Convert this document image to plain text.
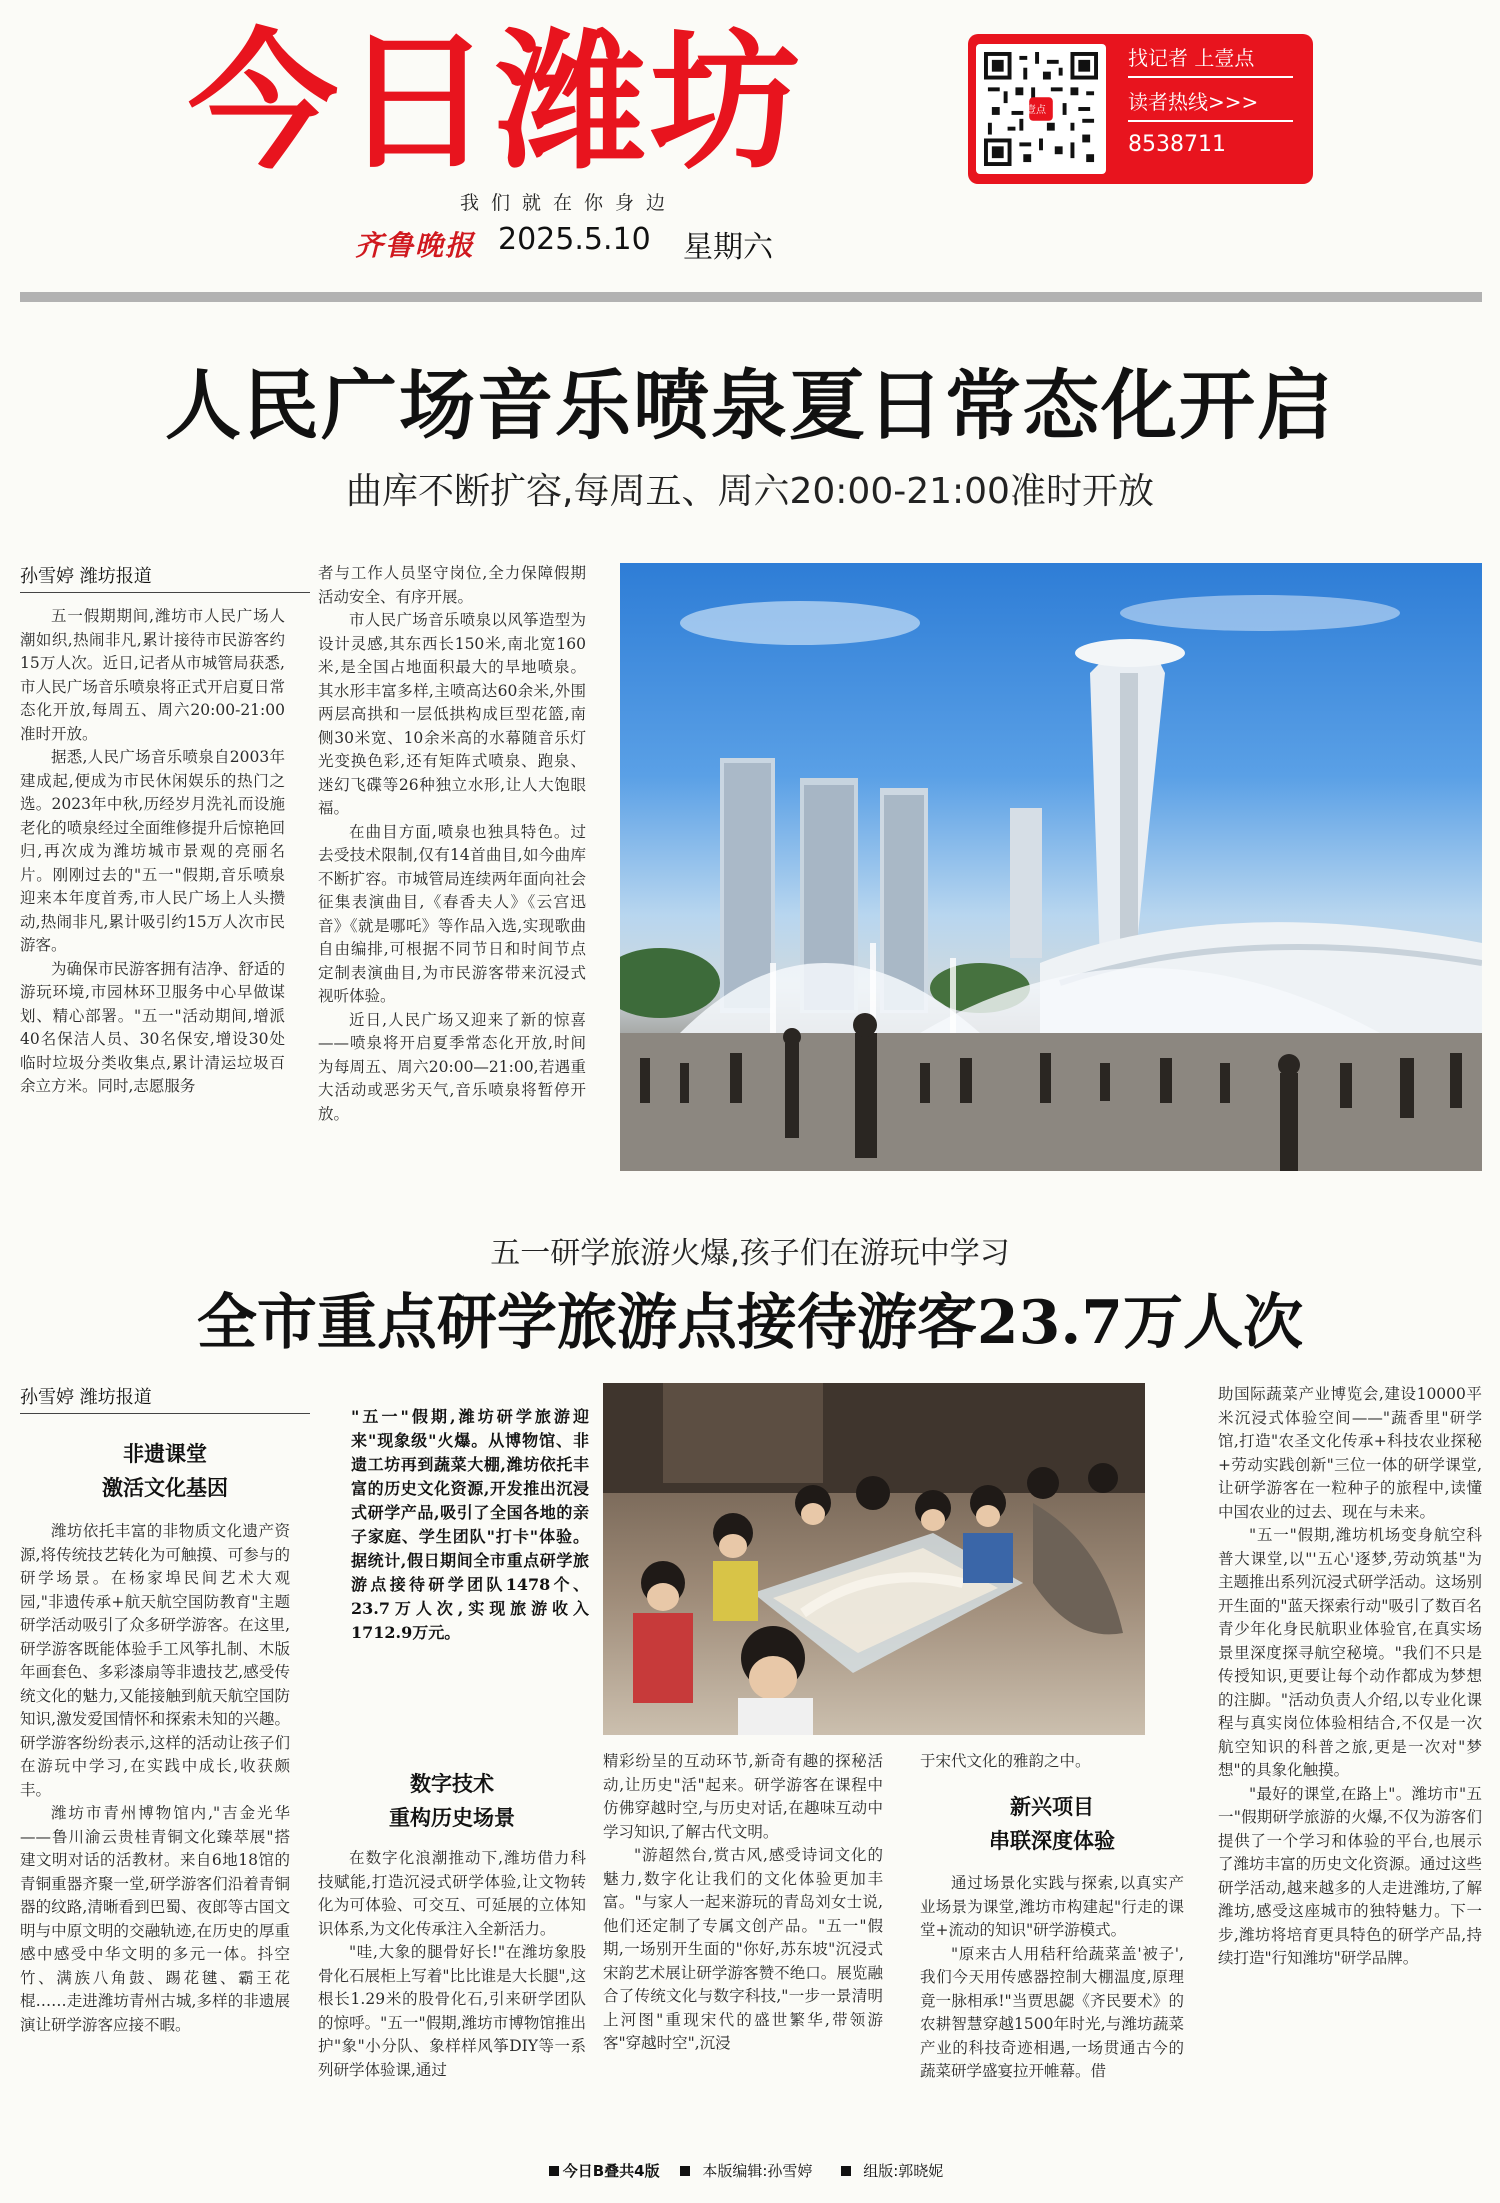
今日潍坊
我们就在你身边
齐鲁晚报 2025.5.10 星期六
壹点
找记者 上壹点
读者热线>>>
8538711
人民广场音乐喷泉夏日常态化开启
曲库不断扩容,每周五、周六20:00-21:00准时开放
孙雪婷 潍坊报道

五一假期期间,潍坊市人民广场人潮如织,热闹非凡,累计接待市民游客约15万人次。近日,记者从市城管局获悉,市人民广场音乐喷泉将正式开启夏日常态化开放,每周五、周六20:00-21:00准时开放。

据悉,人民广场音乐喷泉自2003年建成起,便成为市民休闲娱乐的热门之选。2023年中秋,历经岁月洗礼而设施老化的喷泉经过全面维修提升后惊艳回归,再次成为潍坊城市景观的亮丽名片。刚刚过去的"五一"假期,音乐喷泉迎来本年度首秀,市人民广场上人头攒动,热闹非凡,累计吸引约15万人次市民游客。

为确保市民游客拥有洁净、舒适的游玩环境,市园林环卫服务中心早做谋划、精心部署。"五一"活动期间,增派40名保洁人员、30名保安,增设30处临时垃圾分类收集点,累计清运垃圾百余立方米。同时,志愿服务

者与工作人员坚守岗位,全力保障假期活动安全、有序开展。

市人民广场音乐喷泉以风筝造型为设计灵感,其东西长150米,南北宽160米,是全国占地面积最大的旱地喷泉。其水形丰富多样,主喷高达60余米,外围两层高拱和一层低拱构成巨型花篮,南侧30米宽、10余米高的水幕随音乐灯光变换色彩,还有矩阵式喷泉、跑泉、迷幻飞碟等26种独立水形,让人大饱眼福。

在曲目方面,喷泉也独具特色。过去受技术限制,仅有14首曲目,如今曲库不断扩容。市城管局连续两年面向社会征集表演曲目,《春香夫人》《云宫迅音》《就是哪吒》等作品入选,实现歌曲自由编排,可根据不同节日和时间节点定制表演曲目,为市民游客带来沉浸式视听体验。

近日,人民广场又迎来了新的惊喜——喷泉将开启夏季常态化开放,时间为每周五、周六20:00—21:00,若遇重大活动或恶劣天气,音乐喷泉将暂停开放。

五一研学旅游火爆,孩子们在游玩中学习
全市重点研学旅游点接待游客23.7万人次
孙雪婷 潍坊报道
非遗课堂
激活文化基因

潍坊依托丰富的非物质文化遗产资源,将传统技艺转化为可触摸、可参与的研学场景。在杨家埠民间艺术大观园,"非遗传承+航天航空国防教育"主题研学活动吸引了众多研学游客。在这里,研学游客既能体验手工风筝扎制、木版年画套色、多彩漆扇等非遗技艺,感受传统文化的魅力,又能接触到航天航空国防知识,激发爱国情怀和探索未知的兴趣。研学游客纷纷表示,这样的活动让孩子们在游玩中学习,在实践中成长,收获颇丰。

潍坊市青州博物馆内,"吉金光华——鲁川渝云贵桂青铜文化臻萃展"搭建文明对话的活教材。来自6地18馆的青铜重器齐聚一堂,研学游客们沿着青铜器的纹路,清晰看到巴蜀、夜郎等古国文明与中原文明的交融轨迹,在历史的厚重感中感受中华文明的多元一体。抖空竹、满族八角鼓、踢花毽、霸王花棍……走进潍坊青州古城,多样的非遗展演让研学游客应接不暇。

"五一"假期,潍坊研学旅游迎来"现象级"火爆。从博物馆、非遗工坊再到蔬菜大棚,潍坊依托丰富的历史文化资源,开发推出沉浸式研学产品,吸引了全国各地的亲子家庭、学生团队"打卡"体验。据统计,假日期间全市重点研学旅游点接待研学团队1478个、23.7万人次,实现旅游收入1712.9万元。
数字技术
重构历史场景

在数字化浪潮推动下,潍坊借力科技赋能,打造沉浸式研学体验,让文物转化为可体验、可交互、可延展的立体知识体系,为文化传承注入全新活力。

"哇,大象的腿骨好长!"在潍坊象股骨化石展柜上写着"比比谁是大长腿",这根长1.29米的股骨化石,引来研学团队的惊呼。"五一"假期,潍坊市博物馆推出护"象"小分队、象样样风筝DIY等一系列研学体验课,通过

精彩纷呈的互动环节,新奇有趣的探秘活动,让历史"活"起来。研学游客在课程中仿佛穿越时空,与历史对话,在趣味互动中学习知识,了解古代文明。

"游超然台,赏古风,感受诗词文化的魅力,数字化让我们的文化体验更加丰富。"与家人一起来游玩的青岛刘女士说,他们还定制了专属文创产品。"五一"假期,一场别开生面的"你好,苏东坡"沉浸式宋韵艺术展让研学游客赞不绝口。展览融合了传统文化与数字科技,"一步一景清明上河图"重现宋代的盛世繁华,带领游客"穿越时空",沉浸

于宋代文化的雅韵之中。

新兴项目
串联深度体验

通过场景化实践与探索,以真实产业场景为课堂,潍坊市构建起"行走的课堂+流动的知识"研学游模式。

"原来古人用秸秆给蔬菜盖'被子',我们今天用传感器控制大棚温度,原理竟一脉相承!"当贾思勰《齐民要术》的农耕智慧穿越1500年时光,与潍坊蔬菜产业的科技奇迹相遇,一场贯通古今的蔬菜研学盛宴拉开帷幕。借

助国际蔬菜产业博览会,建设10000平米沉浸式体验空间——"蔬香里"研学馆,打造"农圣文化传承+科技农业探秘+劳动实践创新"三位一体的研学课堂,让研学游客在一粒种子的旅程中,读懂中国农业的过去、现在与未来。

"五一"假期,潍坊机场变身航空科普大课堂,以"'五心'逐梦,劳动筑基"为主题推出系列沉浸式研学活动。这场别开生面的"蓝天探索行动"吸引了数百名青少年化身民航职业体验官,在真实场景里深度探寻航空秘境。"我们不只是传授知识,更要让每个动作都成为梦想的注脚。"活动负责人介绍,以专业化课程与真实岗位体验相结合,不仅是一次航空知识的科普之旅,更是一次对"梦想"的具象化触摸。

"最好的课堂,在路上"。潍坊市"五一"假期研学旅游的火爆,不仅为游客们提供了一个学习和体验的平台,也展示了潍坊丰富的历史文化资源。通过这些研学活动,越来越多的人走进潍坊,了解潍坊,感受这座城市的独特魅力。下一步,潍坊将培育更具特色的研学产品,持续打造"行知潍坊"研学品牌。

今日B叠共4版	本版编辑:孙雪婷	组版:郭晓妮
